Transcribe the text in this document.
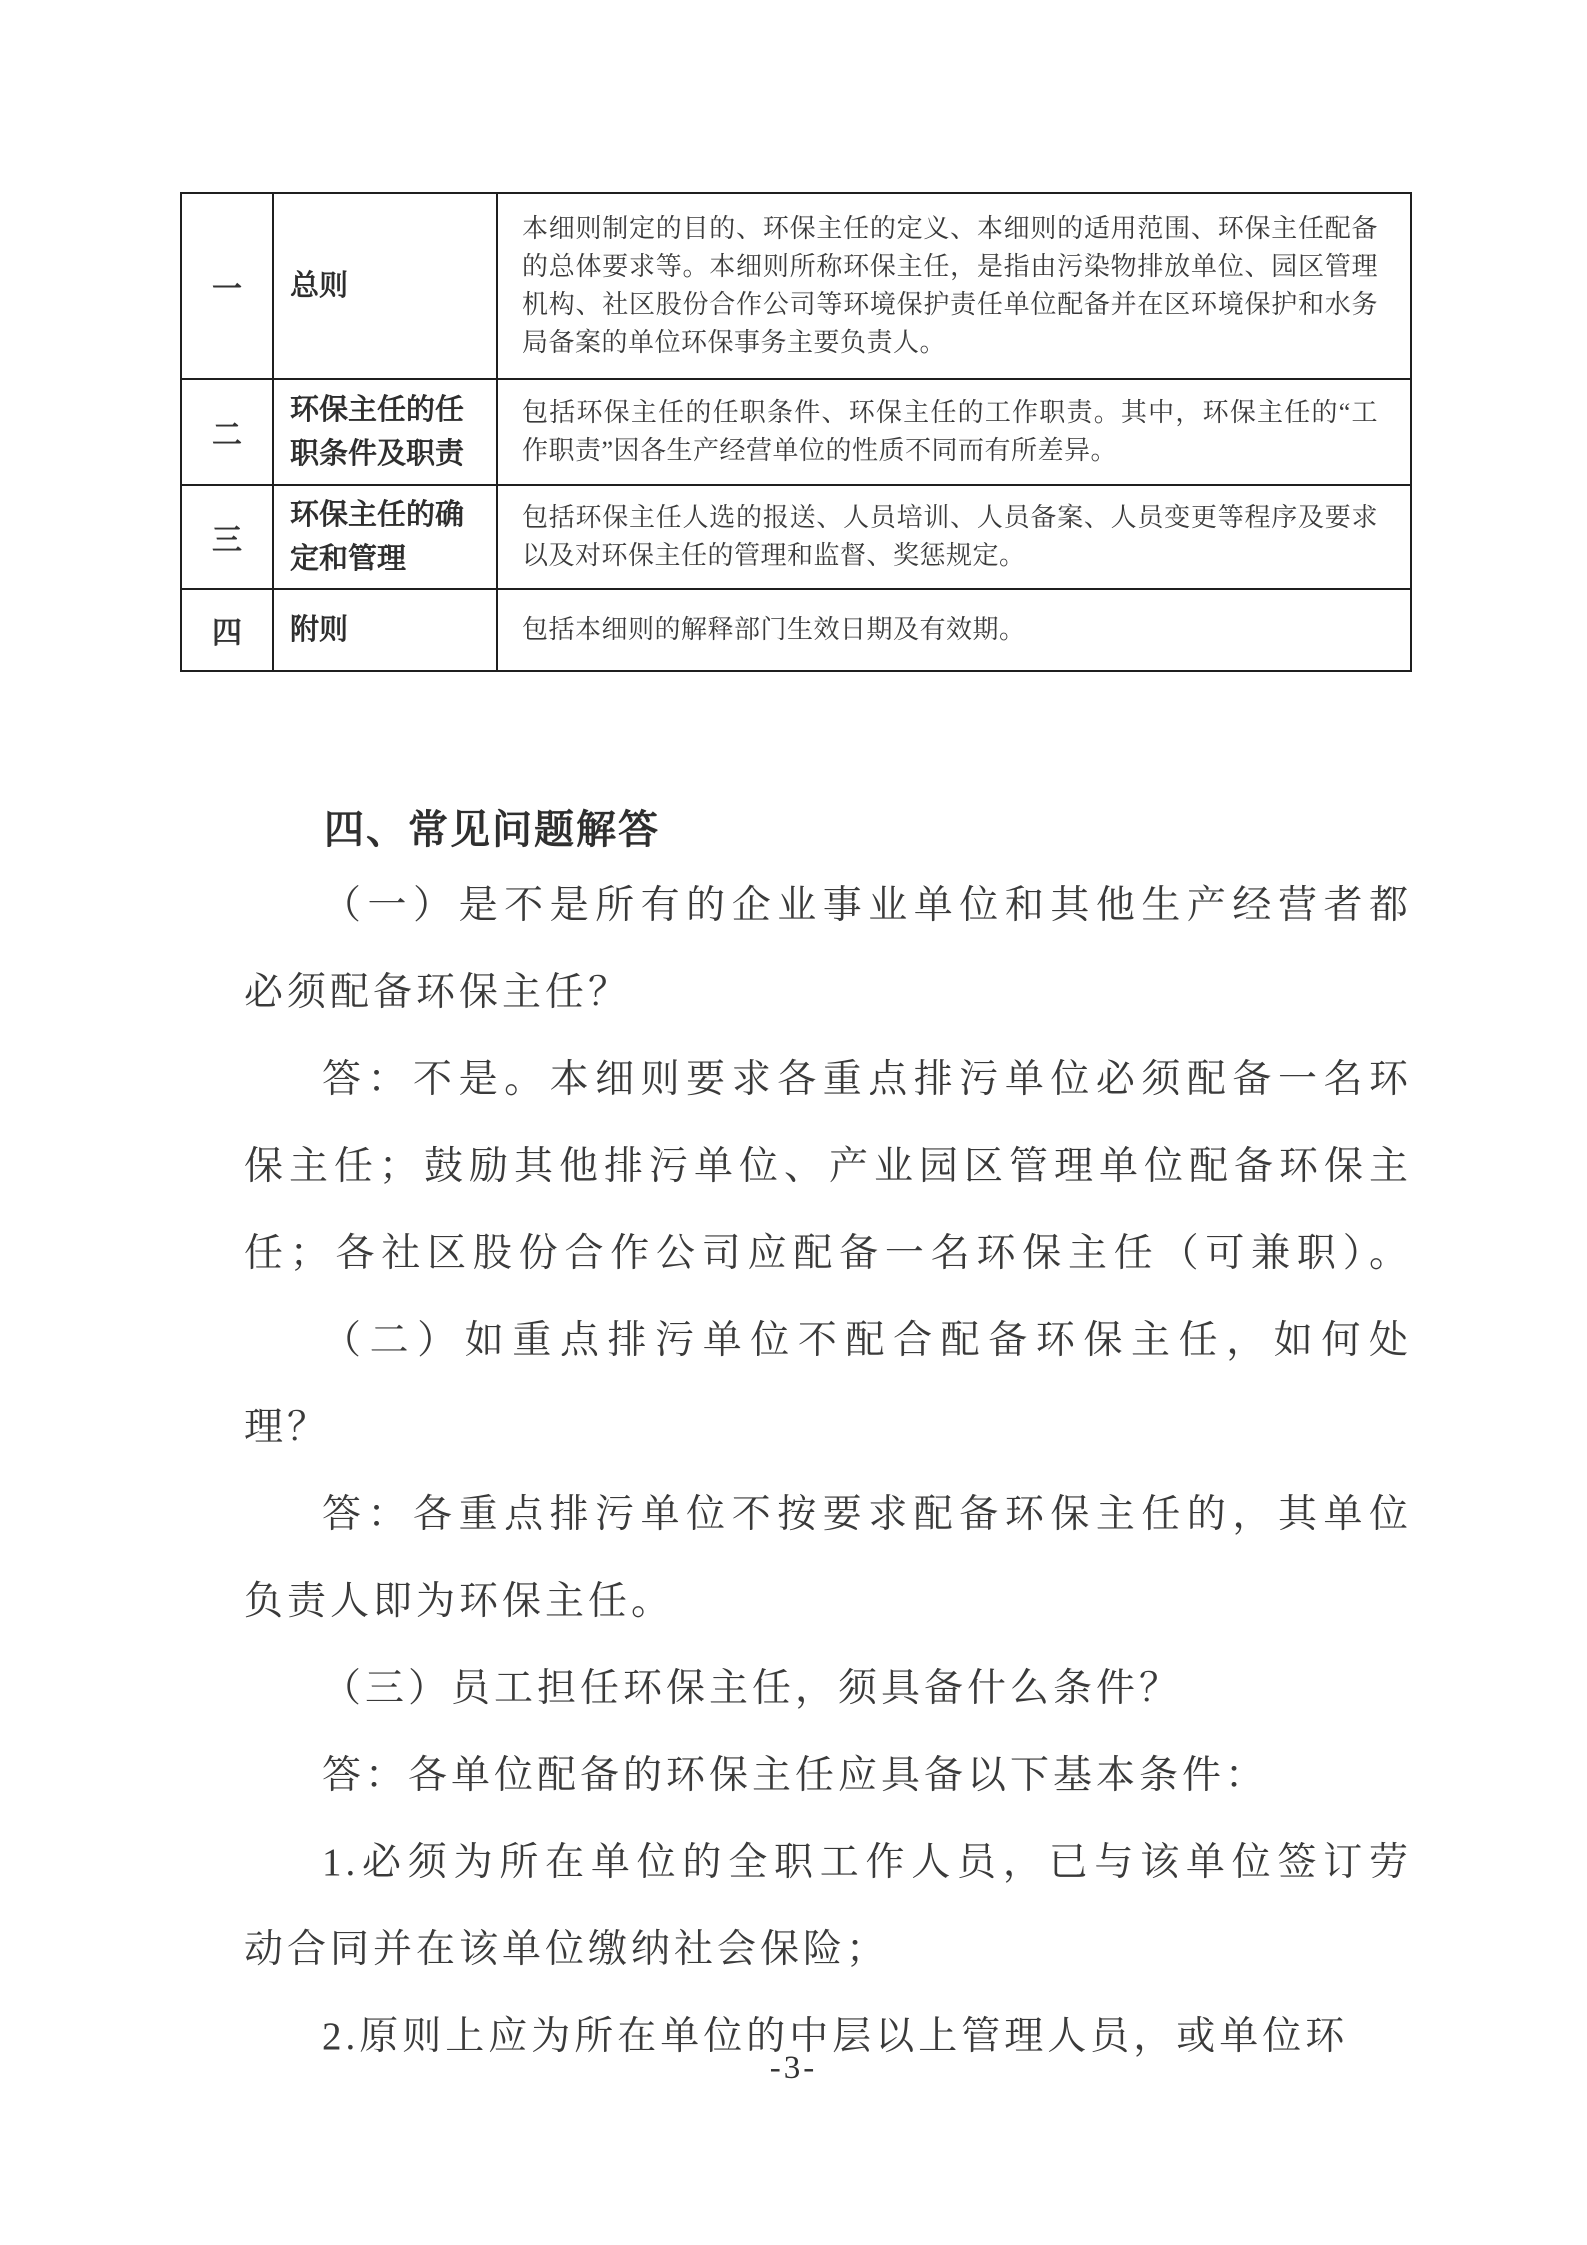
一	总则	本细则制定的目的、环保主任的定义、本细则的适用范围、环保主任配备的总体要求等。本细则所称环保主任，是指由污染物排放单位、园区管理机构、社区股份合作公司等环境保护责任单位配备并在区环境保护和水务局备案的单位环保事务主要负责人。
二	环保主任的任职条件及职责	包括环保主任的任职条件、环保主任的工作职责。其中，环保主任的“工作职责”因各生产经营单位的性质不同而有所差异。
三	环保主任的确定和管理	包括环保主任人选的报送、人员培训、人员备案、人员变更等程序及要求以及对环保主任的管理和监督、奖惩规定。
四	附则	包括本细则的解释部门生效日期及有效期。
四、常见问题解答
（一）是不是所有的企业事业单位和其他生产经营者都
必须配备环保主任？
答：不是。本细则要求各重点排污单位必须配备一名环
保主任；鼓励其他排污单位、产业园区管理单位配备环保主
任；各社区股份合作公司应配备一名环保主任（可兼职）。
（二）如重点排污单位不配合配备环保主任，如何处
理？
答：各重点排污单位不按要求配备环保主任的，其单位
负责人即为环保主任。
（三）员工担任环保主任，须具备什么条件？
答：各单位配备的环保主任应具备以下基本条件：
1.必须为所在单位的全职工作人员，已与该单位签订劳
动合同并在该单位缴纳社会保险；
2.原则上应为所在单位的中层以上管理人员，或单位环
-3-
